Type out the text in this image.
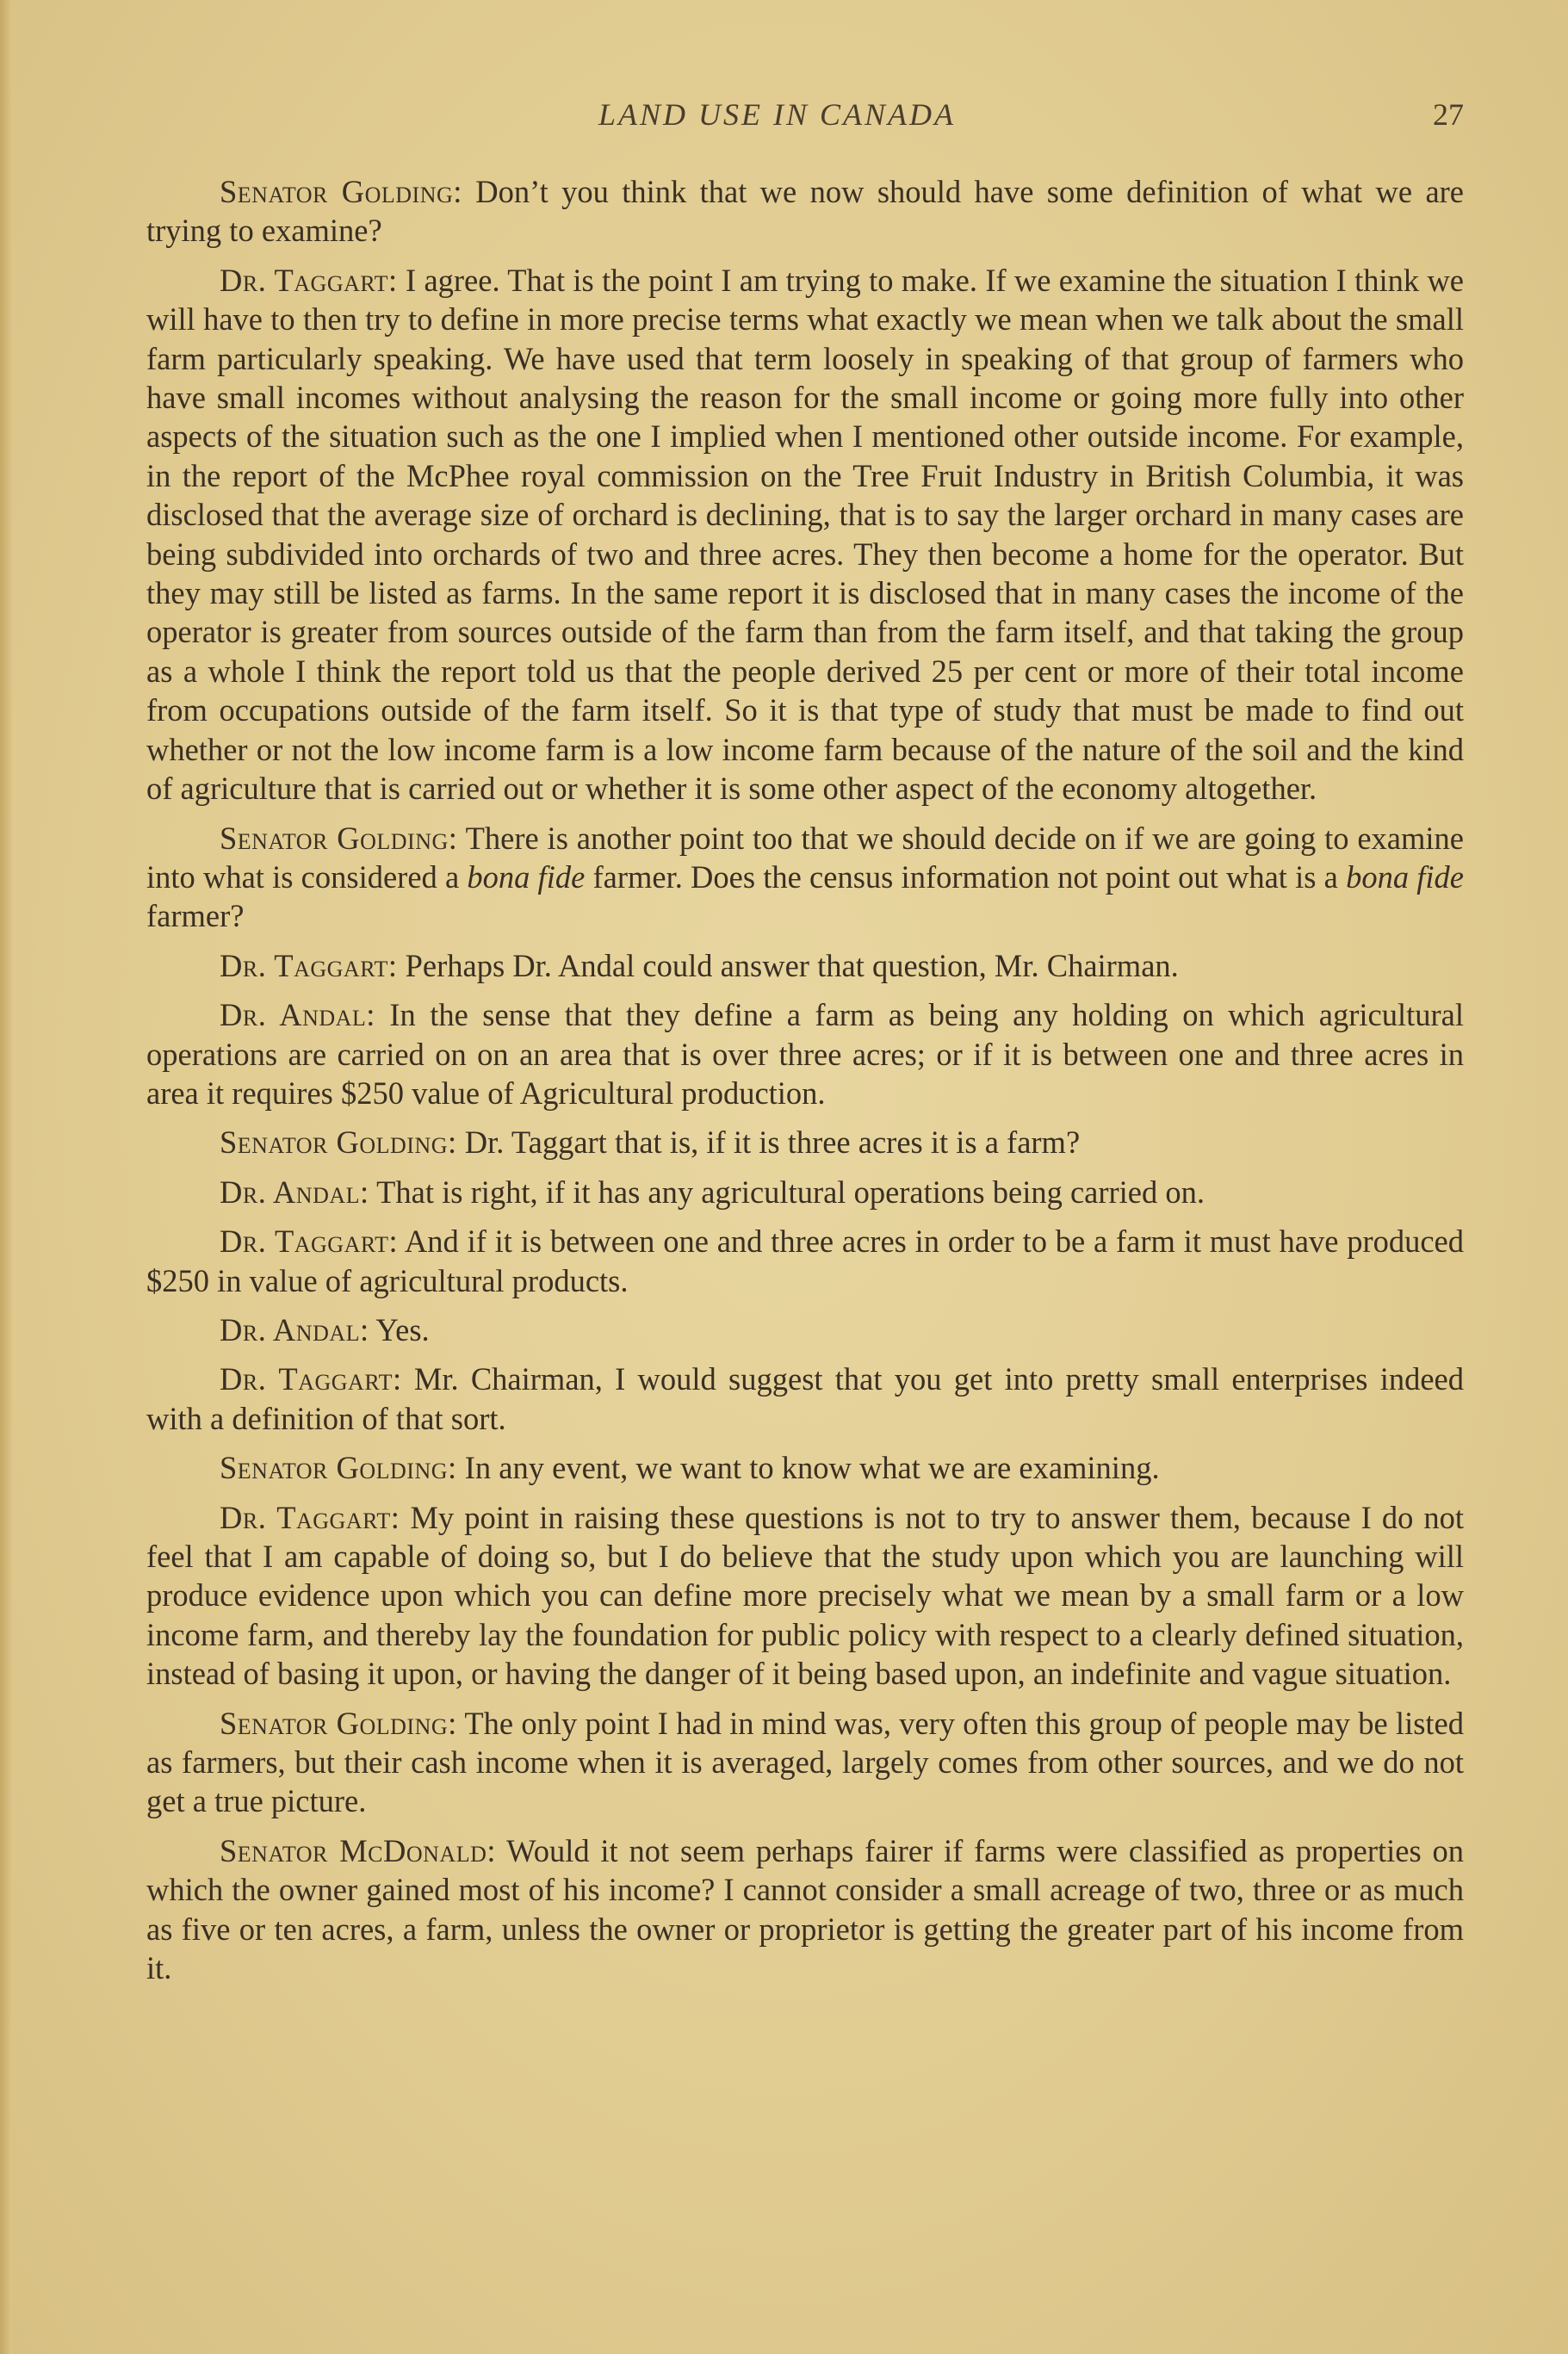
LAND USE IN CANADA	27

Senator Golding: Don’t you think that we now should have some definition of what we are trying to examine?

Dr. Taggart: I agree. That is the point I am trying to make. If we examine the situation I think we will have to then try to define in more precise terms what exactly we mean when we talk about the small farm particularly speaking. We have used that term loosely in speaking of that group of farmers who have small incomes without analysing the reason for the small income or going more fully into other aspects of the situation such as the one I implied when I mentioned other outside income. For example, in the report of the McPhee royal commission on the Tree Fruit Industry in British Columbia, it was disclosed that the average size of orchard is declining, that is to say the larger orchard in many cases are being subdivided into orchards of two and three acres. They then become a home for the operator. But they may still be listed as farms. In the same report it is disclosed that in many cases the income of the operator is greater from sources outside of the farm than from the farm itself, and that taking the group as a whole I think the report told us that the people derived 25 per cent or more of their total income from occupations outside of the farm itself. So it is that type of study that must be made to find out whether or not the low income farm is a low income farm because of the nature of the soil and the kind of agriculture that is carried out or whether it is some other aspect of the economy altogether.

Senator Golding: There is another point too that we should decide on if we are going to examine into what is considered a bona fide farmer. Does the census information not point out what is a bona fide farmer?

Dr. Taggart: Perhaps Dr. Andal could answer that question, Mr. Chairman.

Dr. Andal: In the sense that they define a farm as being any holding on which agricultural operations are carried on on an area that is over three acres; or if it is between one and three acres in area it requires $250 value of Agricultural production.

Senator Golding: Dr. Taggart that is, if it is three acres it is a farm?

Dr. Andal: That is right, if it has any agricultural operations being carried on.

Dr. Taggart: And if it is between one and three acres in order to be a farm it must have produced $250 in value of agricultural products.

Dr. Andal: Yes.

Dr. Taggart: Mr. Chairman, I would suggest that you get into pretty small enterprises indeed with a definition of that sort.

Senator Golding: In any event, we want to know what we are examining.

Dr. Taggart: My point in raising these questions is not to try to answer them, because I do not feel that I am capable of doing so, but I do believe that the study upon which you are launching will produce evidence upon which you can define more precisely what we mean by a small farm or a low income farm, and thereby lay the foundation for public policy with respect to a clearly defined situation, instead of basing it upon, or having the danger of it being based upon, an indefinite and vague situation.

Senator Golding: The only point I had in mind was, very often this group of people may be listed as farmers, but their cash income when it is averaged, largely comes from other sources, and we do not get a true picture.

Senator McDonald: Would it not seem perhaps fairer if farms were classified as properties on which the owner gained most of his income? I cannot consider a small acreage of two, three or as much as five or ten acres, a farm, unless the owner or proprietor is getting the greater part of his income from it.
